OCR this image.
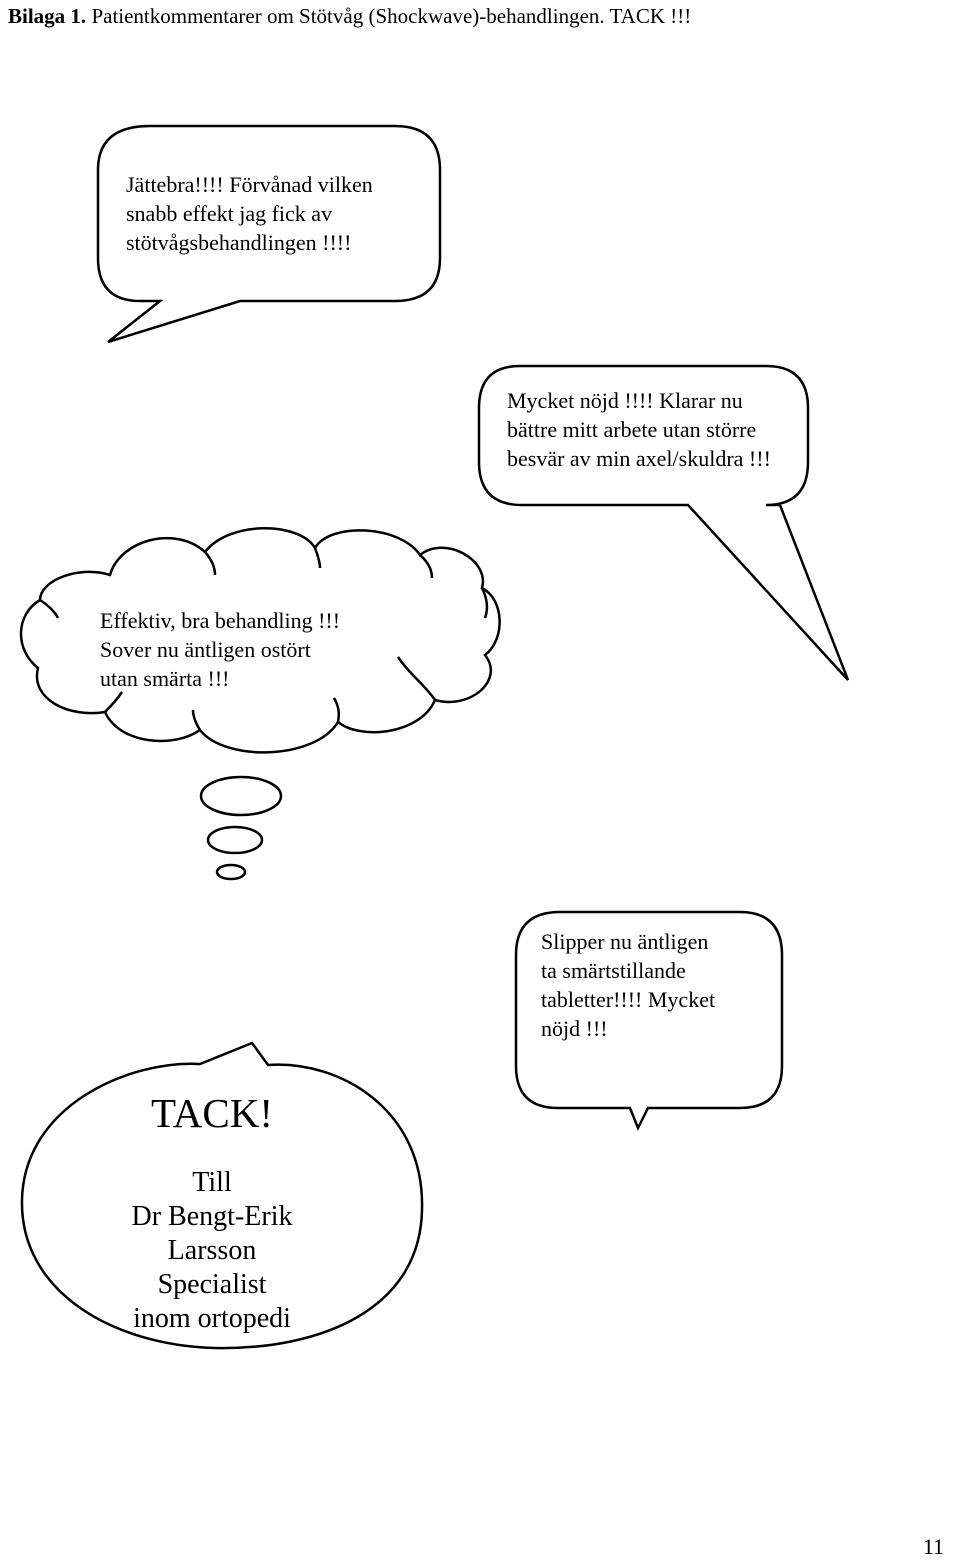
Bilaga 1. Patientkommentarer om Stötvåg (Shockwave)-behandlingen. TACK !!!
Jättebra!!!! Förvånad vilken
snabb effekt jag fick av
stötvågsbehandlingen !!!!
Mycket nöjd !!!! Klarar nu
bättre mitt arbete utan större
besvär av min axel/skuldra !!!
Effektiv, bra behandling !!!
Sover nu äntligen ostört
utan smärta !!!
Slipper nu äntligen
ta smärtstillande
tabletter!!!! Mycket
nöjd !!!

TACK!

Till
Dr Bengt-Erik
Larsson
Specialist
inom ortopedi

11
